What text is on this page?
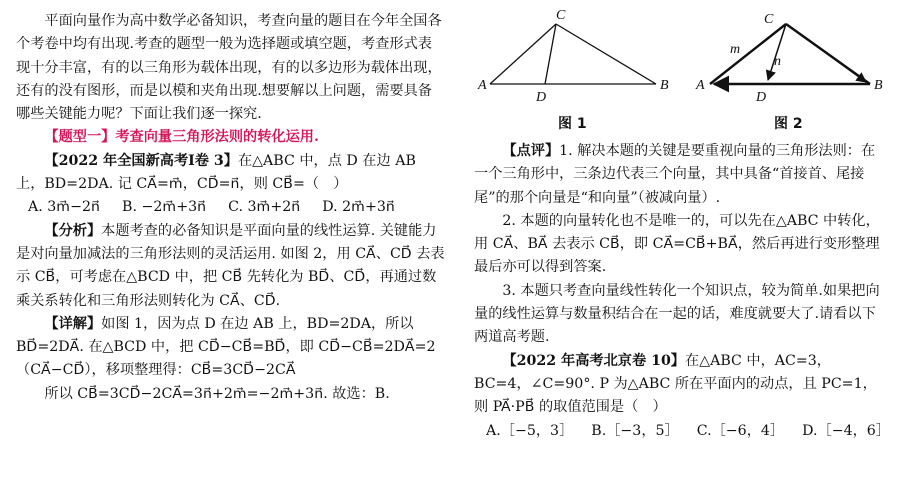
平面向量作为高中数学必备知识，考查向量的题目在今年全国各个考卷中均有出现.考查的题型一般为选择题或填空题，考查形式表现十分丰富，有的以三角形为载体出现，有的以多边形为载体出现，还有的没有图形，而是以模和夹角出现.想要解以上问题，需要具备哪些关键能力呢？下面让我们逐一探究.

【题型一】考查向量三角形法则的转化运用.

【2022 年全国新高考Ⅰ卷 3】在△ABC 中，点 D 在边 AB 上，BD=2DA. 记 CA⃗=m⃗，CD⃗=n⃗，则 CB⃗=（　）

A. 3m⃗−2n⃗ B. −2m⃗+3n⃗ C. 3m⃗+2n⃗ D. 2m⃗+3n⃗

【分析】本题考查的必备知识是平面向量的线性运算. 关键能力是对向量加减法的三角形法则的灵活运用. 如图 2，用 CA⃗、CD⃗ 去表示 CB⃗，可考虑在△BCD 中，把 CB⃗ 先转化为 BD⃗、CD⃗，再通过数乘关系转化和三角形法则转化为 CA⃗、CD⃗.

【详解】如图 1，因为点 D 在边 AB 上，BD=2DA，所以 BD⃗=2DA⃗. 在△BCD 中，把 CD⃗−CB⃗=BD⃗，即 CD⃗−CB⃗=2DA⃗=2（CA⃗−CD⃗），移项整理得：CB⃗=3CD⃗−2CA⃗

所以 CB⃗=3CD⃗−2CA⃗=3n⃗+2m⃗=−2m⃗+3n⃗. 故选：B.

C
A	B
D
C
A	B
D
m
n
图 1	图 2

【点评】1. 解决本题的关键是要重视向量的三角形法则：在一个三角形中，三条边代表三个向量，其中具备“首接首、尾接尾”的那个向量是“和向量”（被减向量）.

2. 本题的向量转化也不是唯一的，可以先在△ABC 中转化，用 CA⃗、BA⃗ 去表示 CB⃗，即 CA⃗=CB⃗+BA⃗，然后再进行变形整理最后亦可以得到答案.

3. 本题只考查向量线性转化一个知识点，较为简单.如果把向量的线性运算与数量积结合在一起的话，难度就要大了.请看以下两道高考题.

【2022 年高考北京卷 10】在△ABC 中，AC=3，BC=4，∠C=90°. P 为△ABC 所在平面内的动点，且 PC=1，则 PA⃗·PB⃗ 的取值范围是（　）

A.［−5，3］ B.［−3，5］ C.［−6，4］ D.［−4，6］
